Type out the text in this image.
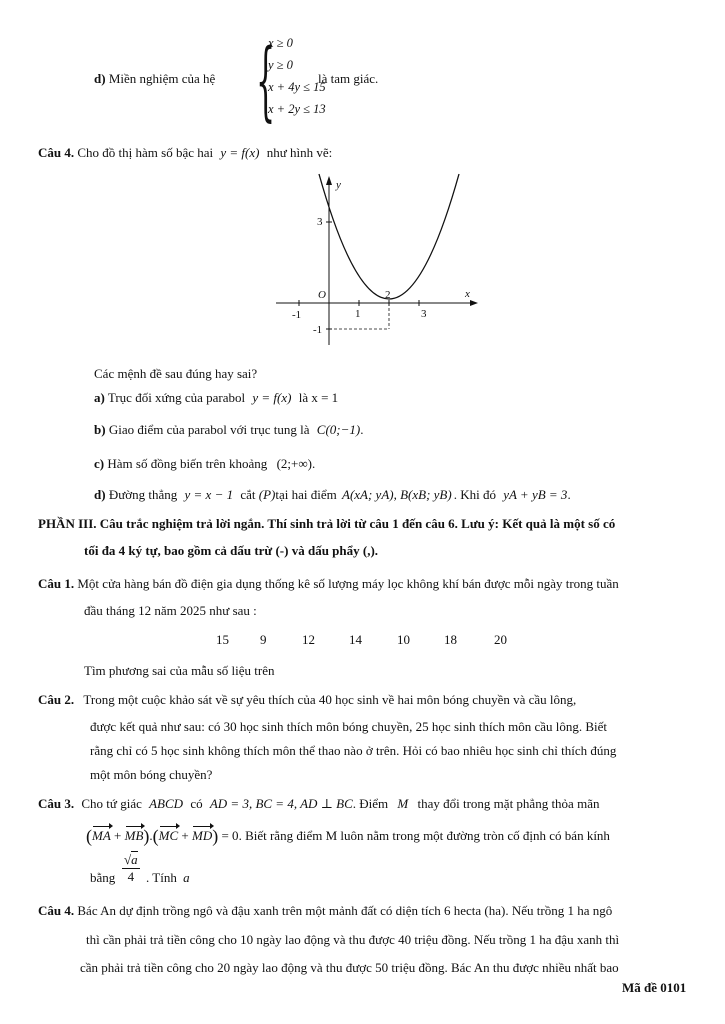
d) Miền nghiệm của hệ {
x ≥ 0
y ≥ 0
x + 4y ≤ 15
x + 2y ≤ 13
là tam giác.
Câu 4. Cho đồ thị hàm số bậc hai y = f(x) như hình vẽ:
y
x
O
-1	1
2
3
3
-1
Các mệnh đề sau đúng hay sai?
a) Trục đối xứng của parabol y = f(x) là x = 1
b) Giao điểm của parabol với trục tung là C(0;−1).
c) Hàm số đồng biến trên khoảng (2;+∞).
d) Đường thẳng y = x − 1 cắt (P)tại hai điểm A(xA; yA), B(xB; yB) . Khi đó yA + yB = 3.
PHẦN III. Câu trắc nghiệm trả lời ngắn. Thí sinh trả lời từ câu 1 đến câu 6. Lưu ý: Kết quả là một số có
tối đa 4 ký tự, bao gồm cả dấu trừ (-) và dấu phẩy (,).
Câu 1. Một cửa hàng bán đồ điện gia dụng thống kê số lượng máy lọc không khí bán được mỗi ngày trong tuần
đầu tháng 12 năm 2025 như sau :
15 9	12	14	10	18	20
Tìm phương sai của mẫu số liệu trên
Câu 2. Trong một cuộc khảo sát về sự yêu thích của 40 học sinh về hai môn bóng chuyền và cầu lông,
được kết quả như sau: có 30 học sinh thích môn bóng chuyền, 25 học sinh thích môn cầu lông. Biết
rằng chỉ có 5 học sinh không thích môn thể thao nào ở trên. Hỏi có bao nhiêu học sinh chỉ thích đúng
một môn bóng chuyền?
Câu 3. Cho tứ giác ABCD có AD = 3, BC = 4, AD ⊥ BC. Điểm M thay đổi trong mặt phẳng thỏa mãn
(MA + MB).(MC + MD) = 0. Biết rằng điểm M luôn nằm trong một đường tròn cố định có bán kính
bằng $\frac{√a}{4}$ . Tính a
Câu 4. Bác An dự định trồng ngô và đậu xanh trên một mảnh đất có diện tích 6 hecta (ha). Nếu trồng 1 ha ngô
thì cần phải trả tiền công cho 10 ngày lao động và thu được 40 triệu đồng. Nếu trồng 1 ha đậu xanh thì
cần phải trả tiền công cho 20 ngày lao động và thu được 50 triệu đồng. Bác An thu được nhiều nhất bao
Mã đề 0101
